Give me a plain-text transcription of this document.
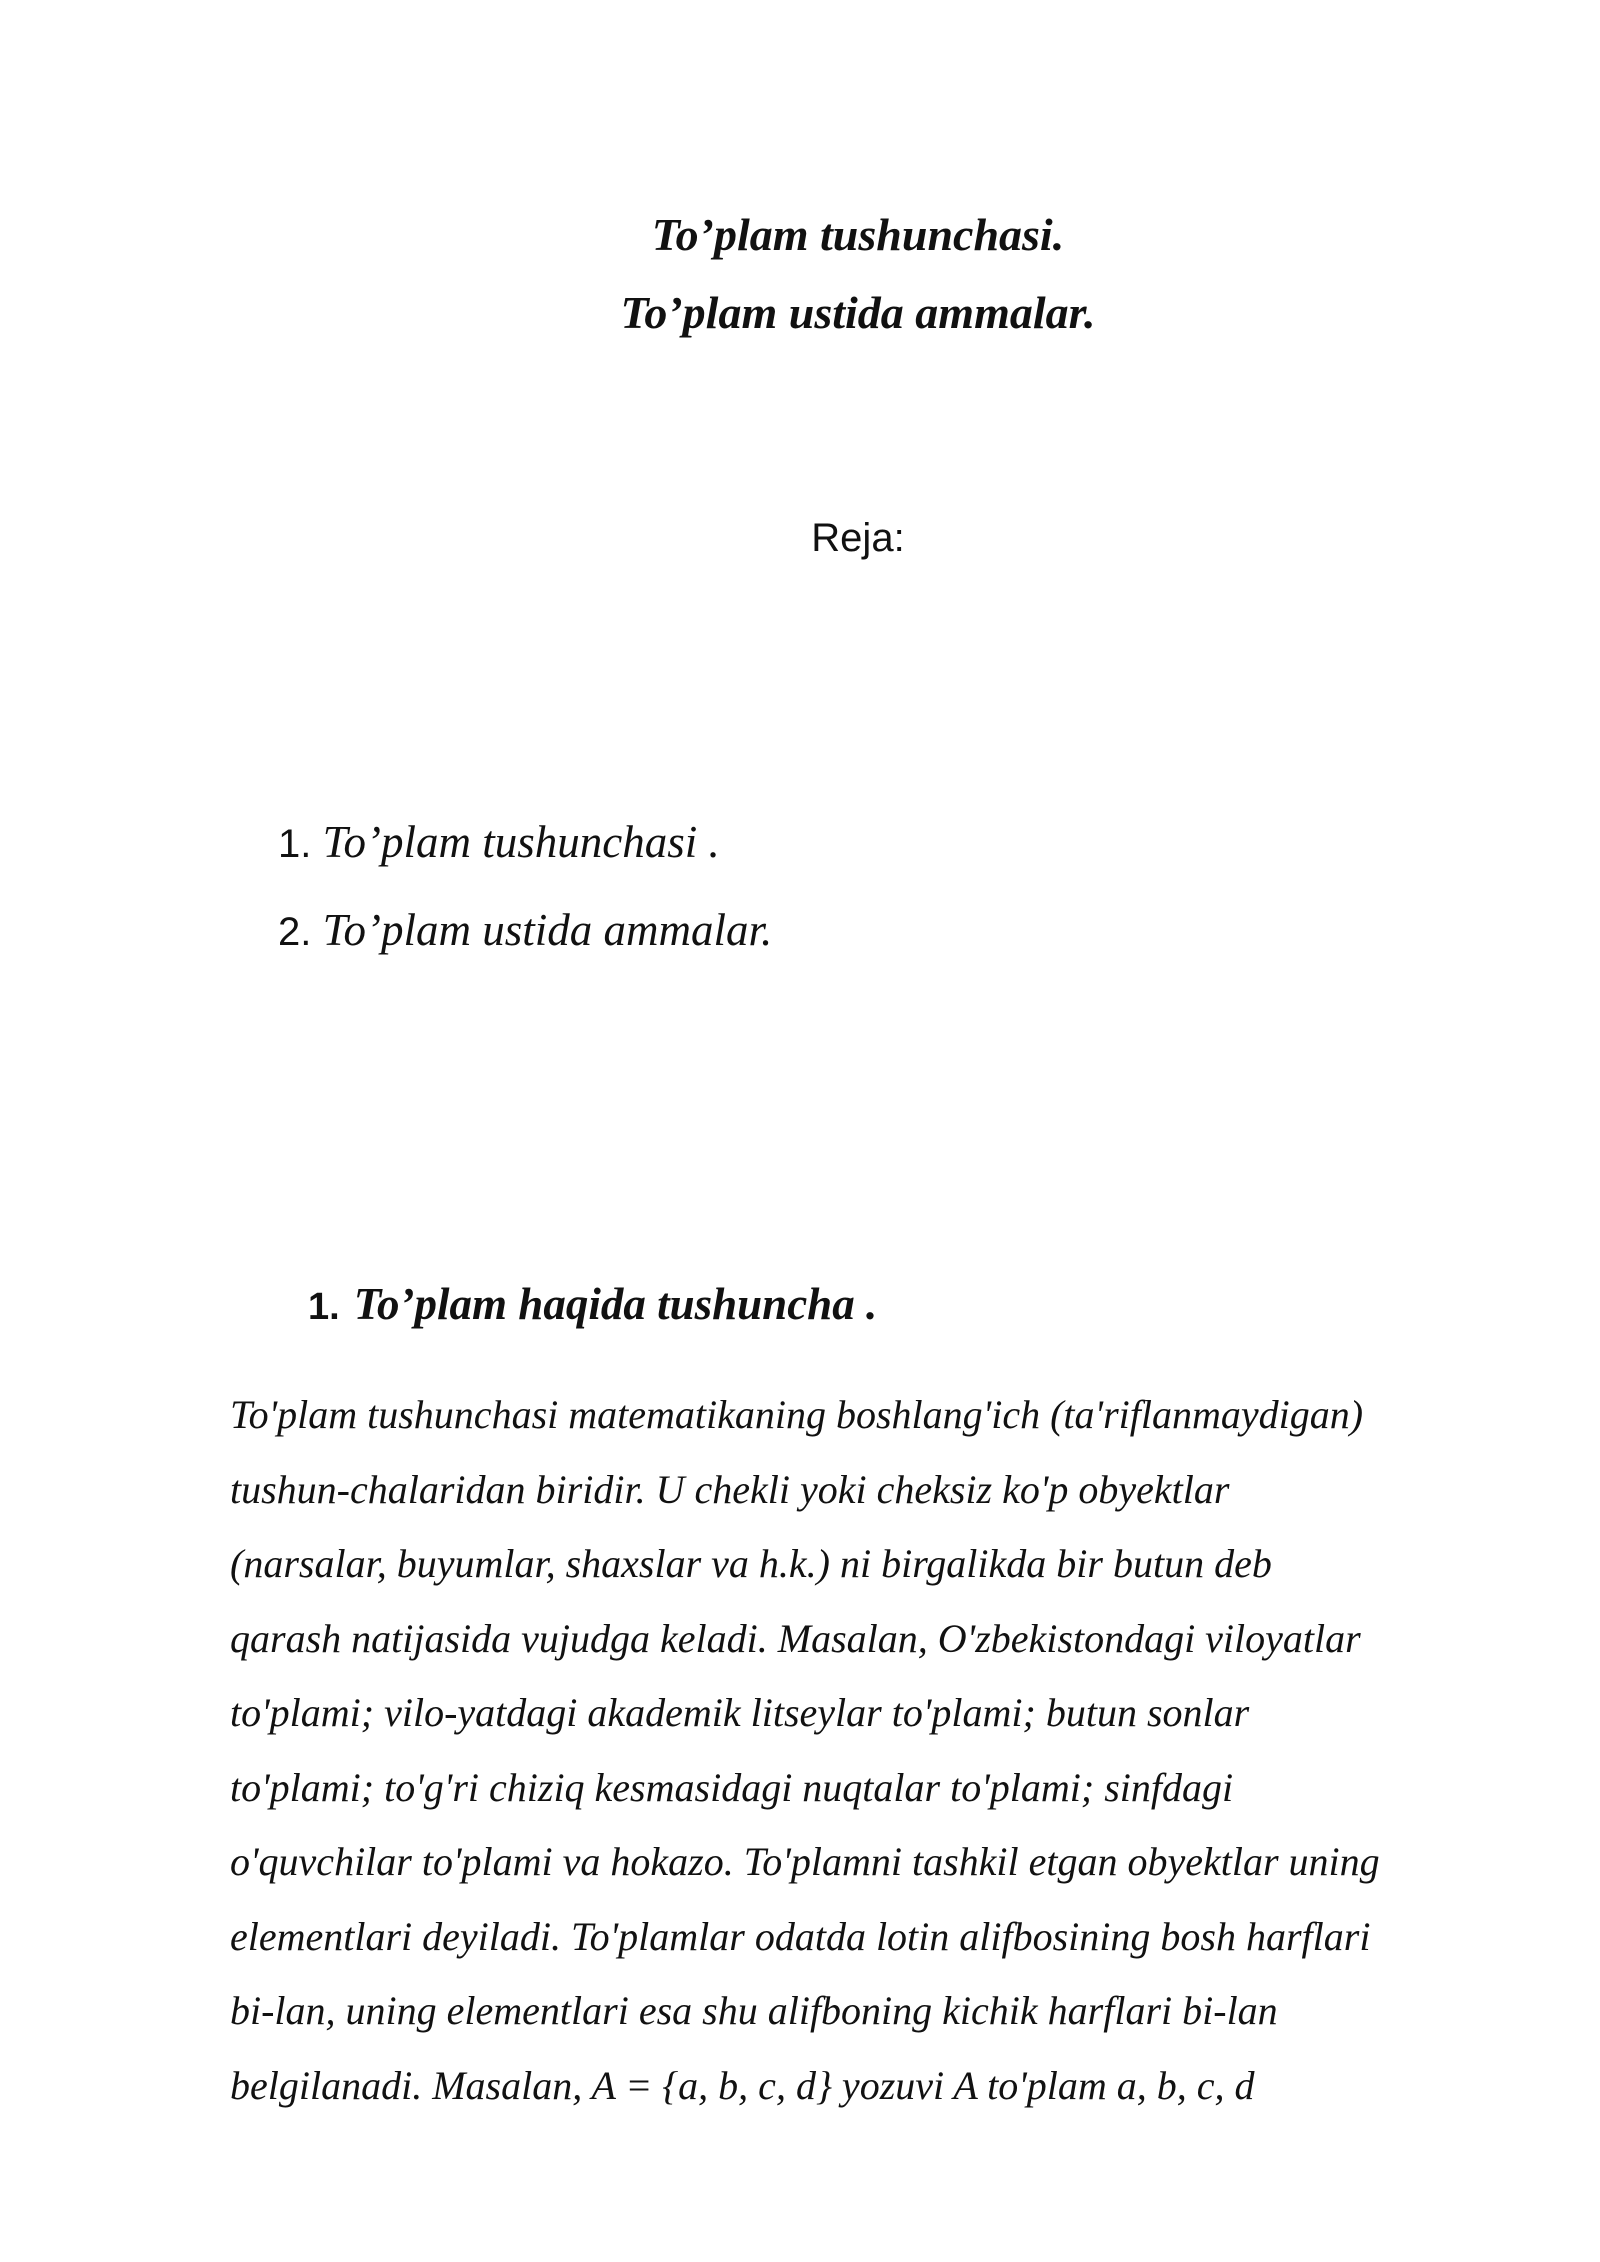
To’plam tushunchasi.
To’plam ustida ammalar.

Reja:

1. To’plam tushunchasi .

2. To’plam ustida ammalar.

1. To’plam haqida tushuncha .
To'plam tushunchasi matematikaning boshlang'ich (ta'riflanmaydigan)
tushun-chalaridan biridir. U chekli yoki cheksiz ko'p obyektlar
(narsalar, buyumlar, shaxslar va h.k.) ni birgalikda bir butun deb
qarash natijasida vujudga keladi. Masalan, O'zbekistondagi viloyatlar
to'plami; vilo-yatdagi akademik litseylar to'plami; butun sonlar
to'plami; to'g'ri chiziq kesmasidagi nuqtalar to'plami; sinfdagi
o'quvchilar to'plami va hokazo. To'plamni tashkil etgan obyektlar uning
elementlari deyiladi. To'plamlar odatda lotin alifbosining bosh harflari
bi-lan, uning elementlari esa shu alifboning kichik harflari bi-lan
belgilanadi. Masalan, A = {a, b, c, d} yozuvi A to'plam a, b, c, d
